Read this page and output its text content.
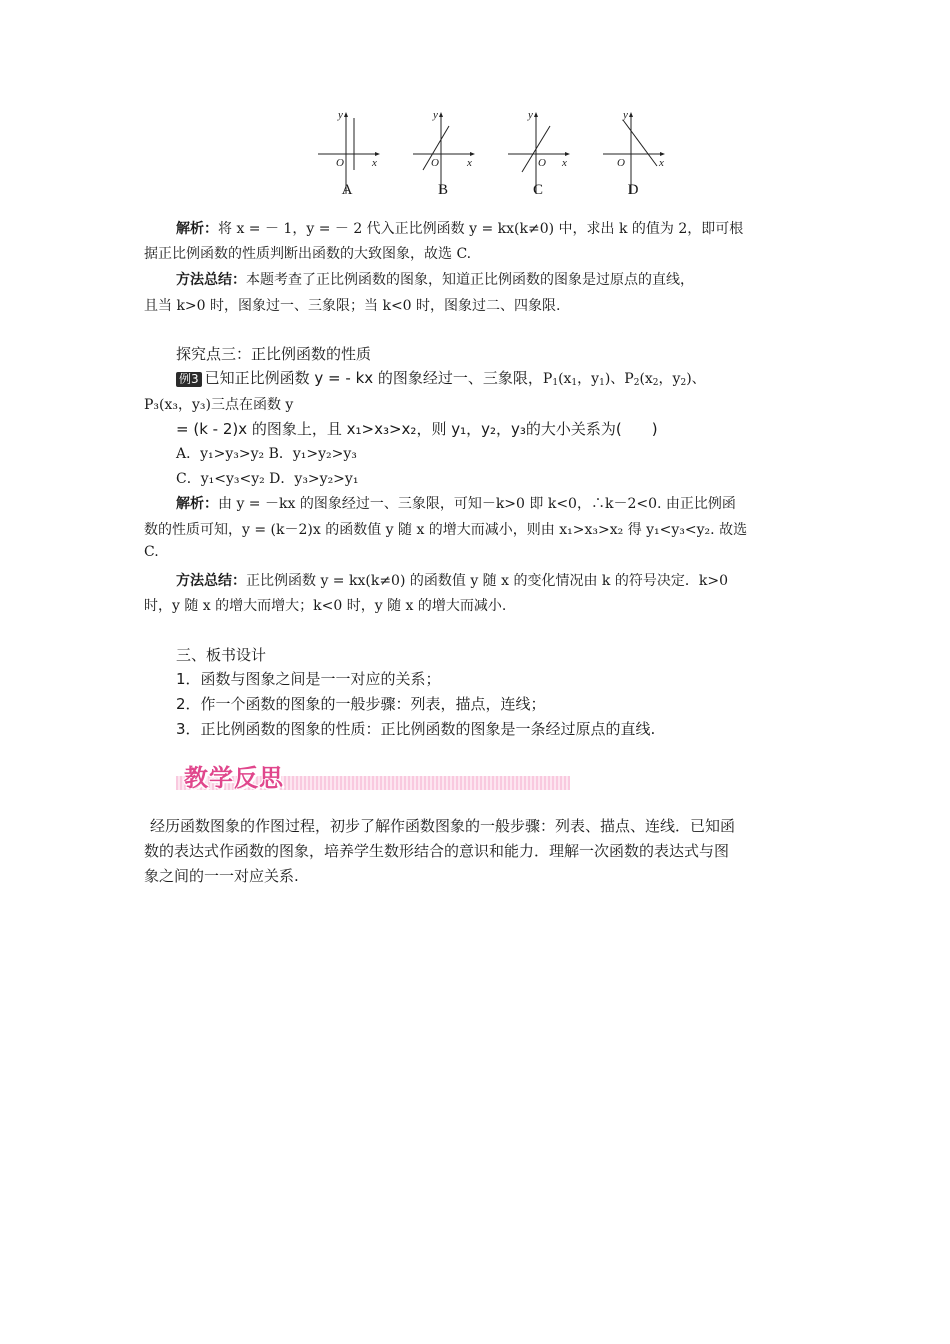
x
y
O	x
y
O	x
y
O	x
y
O
A	B	C	D
解析：将 x = － 1，y = － 2 代入正比例函数 y = kx(k≠0) 中，求出 k 的值为 2，即可根
据正比例函数的性质判断出函数的大致图象，故选 C.
方法总结：本题考查了正比例函数的图象，知道正比例函数的图象是过原点的直线，
且当 k>0 时，图象过一、三象限；当 k<0 时，图象过二、四象限.
探究点三：正比例函数的性质
例3 已知正比例函数 y = - kx 的图象经过一、三象限，$P_1(x_1$，$y_1$)、$P_2(x_2$，$y_2$)、
P₃(x₃，y₃)三点在函数 y
= (k - 2)x 的图象上，且 x₁>x₃>x₂，则 y₁，y₂，y₃的大小关系为(　　)
A．y₁>y₃>y₂ B．y₁>y₂>y₃
C．y₁<y₃<y₂ D．y₃>y₂>y₁
解析：由 y = －kx 的图象经过一、三象限，可知－k>0 即 k<0，∴k－2<0. 由正比例函
数的性质可知，y = (k－2)x 的函数值 y 随 x 的增大而减小，则由 x₁>x₃>x₂ 得 y₁<y₃<y₂. 故选
C.
方法总结：正比例函数 y = kx(k≠0) 的函数值 y 随 x 的变化情况由 k 的符号决定．k>0
时，y 随 x 的增大而增大；k<0 时，y 随 x 的增大而减小.
三、板书设计
1．函数与图象之间是一一对应的关系；
2．作一个函数的图象的一般步骤：列表，描点，连线；
3．正比例函数的图象的性质：正比例函数的图象是一条经过原点的直线.
教学反思
经历函数图象的作图过程，初步了解作函数图象的一般步骤：列表、描点、连线．已知函
数的表达式作函数的图象，培养学生数形结合的意识和能力．理解一次函数的表达式与图
象之间的一一对应关系.
